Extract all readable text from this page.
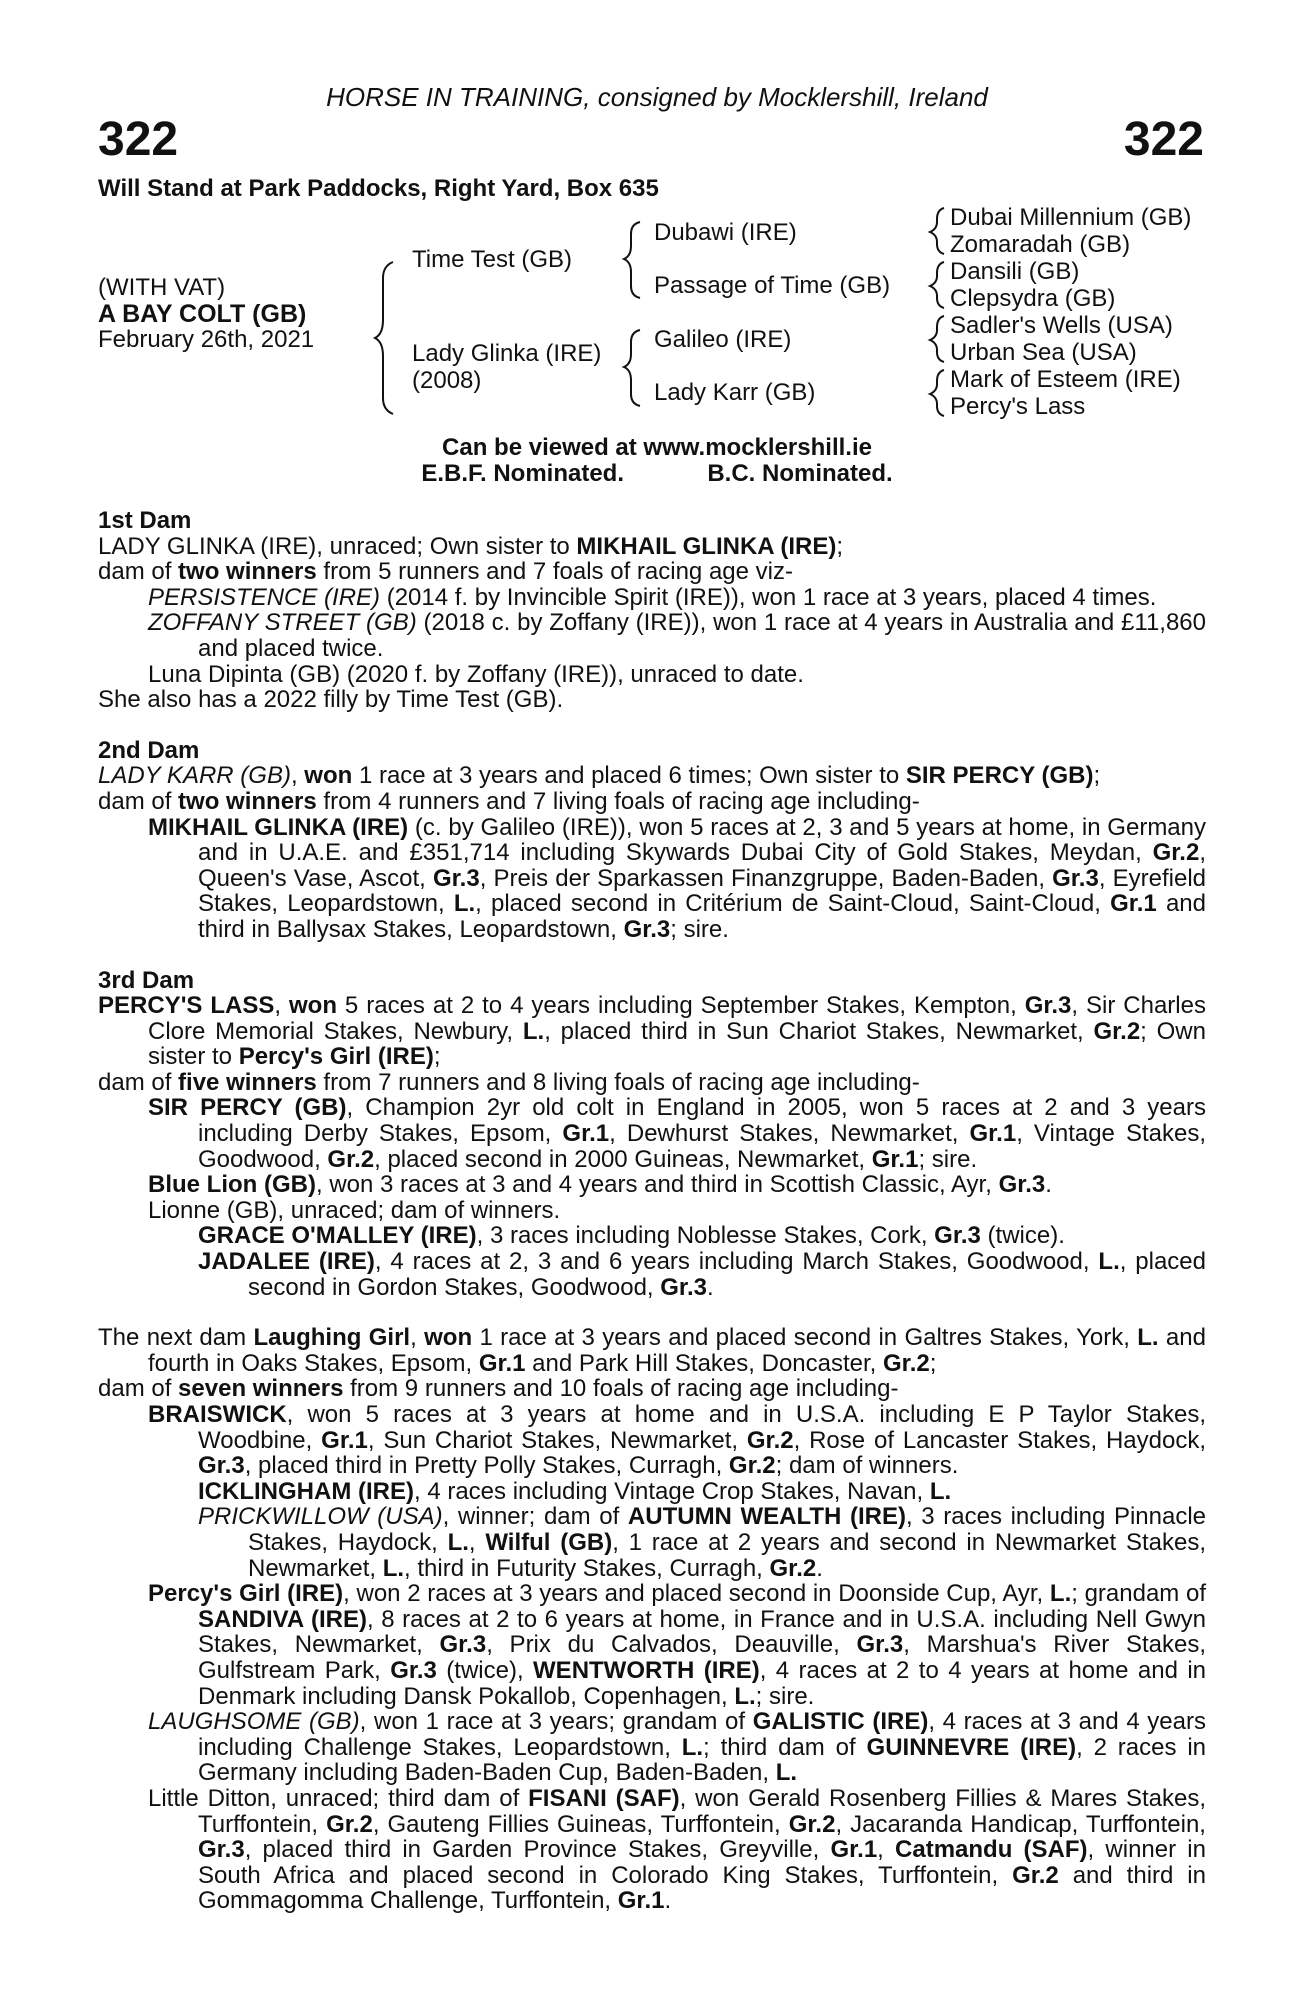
HORSE IN TRAINING, consigned by Mocklershill, Ireland
322	322
Will Stand at Park Paddocks, Right Yard, Box 635
(WITH VAT)
A BAY COLT (GB)
February 26th, 2021
Time Test (GB)
Lady Glinka (IRE)
(2008)
Dubawi (IRE)
Passage of Time (GB)
Galileo (IRE)
Lady Karr (GB)
Dubai Millennium (GB)
Zomaradah (GB)
Dansili (GB)
Clepsydra (GB)
Sadler's Wells (USA)
Urban Sea (USA)
Mark of Esteem (IRE)
Percy's Lass
Can be viewed at www.mocklershill.ie
E.B.F. Nominated.	B.C. Nominated.
1st Dam

LADY GLINKA (IRE), unraced; Own sister to MIKHAIL GLINKA (IRE);

dam of two winners from 5 runners and 7 foals of racing age viz-

PERSISTENCE (IRE) (2014 f. by Invincible Spirit (IRE)), won 1 race at 3 years, placed 4 times.

ZOFFANY STREET (GB) (2018 c. by Zoffany (IRE)), won 1 race at 4 years in Australia and £11,860 and placed twice.

Luna Dipinta (GB) (2020 f. by Zoffany (IRE)), unraced to date.

She also has a 2022 filly by Time Test (GB).

2nd Dam

LADY KARR (GB), won 1 race at 3 years and placed 6 times; Own sister to SIR PERCY (GB);

dam of two winners from 4 runners and 7 living foals of racing age including-

MIKHAIL GLINKA (IRE) (c. by Galileo (IRE)), won 5 races at 2, 3 and 5 years at home, in Germany and in U.A.E. and £351,714 including Skywards Dubai City of Gold Stakes, Meydan, Gr.2, Queen's Vase, Ascot, Gr.3, Preis der Sparkassen Finanzgruppe, Baden-Baden, Gr.3, Eyrefield Stakes, Leopardstown, L., placed second in Critérium de Saint-Cloud, Saint-Cloud, Gr.1 and third in Ballysax Stakes, Leopardstown, Gr.3; sire.

3rd Dam

PERCY'S LASS, won 5 races at 2 to 4 years including September Stakes, Kempton, Gr.3, Sir Charles Clore Memorial Stakes, Newbury, L., placed third in Sun Chariot Stakes, Newmarket, Gr.2; Own sister to Percy's Girl (IRE);

dam of five winners from 7 runners and 8 living foals of racing age including-

SIR PERCY (GB), Champion 2yr old colt in England in 2005, won 5 races at 2 and 3 years including Derby Stakes, Epsom, Gr.1, Dewhurst Stakes, Newmarket, Gr.1, Vintage Stakes, Goodwood, Gr.2, placed second in 2000 Guineas, Newmarket, Gr.1; sire.

Blue Lion (GB), won 3 races at 3 and 4 years and third in Scottish Classic, Ayr, Gr.3.

Lionne (GB), unraced; dam of winners.

GRACE O'MALLEY (IRE), 3 races including Noblesse Stakes, Cork, Gr.3 (twice).

JADALEE (IRE), 4 races at 2, 3 and 6 years including March Stakes, Goodwood, L., placed second in Gordon Stakes, Goodwood, Gr.3.

The next dam Laughing Girl, won 1 race at 3 years and placed second in Galtres Stakes, York, L. and fourth in Oaks Stakes, Epsom, Gr.1 and Park Hill Stakes, Doncaster, Gr.2;

dam of seven winners from 9 runners and 10 foals of racing age including-

BRAISWICK, won 5 races at 3 years at home and in U.S.A. including E P Taylor Stakes, Woodbine, Gr.1, Sun Chariot Stakes, Newmarket, Gr.2, Rose of Lancaster Stakes, Haydock, Gr.3, placed third in Pretty Polly Stakes, Curragh, Gr.2; dam of winners.

ICKLINGHAM (IRE), 4 races including Vintage Crop Stakes, Navan, L.

PRICKWILLOW (USA), winner; dam of AUTUMN WEALTH (IRE), 3 races including Pinnacle Stakes, Haydock, L., Wilful (GB), 1 race at 2 years and second in Newmarket Stakes, Newmarket, L., third in Futurity Stakes, Curragh, Gr.2.

Percy's Girl (IRE), won 2 races at 3 years and placed second in Doonside Cup, Ayr, L.; grandam of SANDIVA (IRE), 8 races at 2 to 6 years at home, in France and in U.S.A. including Nell Gwyn Stakes, Newmarket, Gr.3, Prix du Calvados, Deauville, Gr.3, Marshua's River Stakes, Gulfstream Park, Gr.3 (twice), WENTWORTH (IRE), 4 races at 2 to 4 years at home and in Denmark including Dansk Pokallob, Copenhagen, L.; sire.

LAUGHSOME (GB), won 1 race at 3 years; grandam of GALISTIC (IRE), 4 races at 3 and 4 years including Challenge Stakes, Leopardstown, L.; third dam of GUINNEVRE (IRE), 2 races in Germany including Baden-Baden Cup, Baden-Baden, L.

Little Ditton, unraced; third dam of FISANI (SAF), won Gerald Rosenberg Fillies & Mares Stakes, Turffontein, Gr.2, Gauteng Fillies Guineas, Turffontein, Gr.2, Jacaranda Handicap, Turffontein, Gr.3, placed third in Garden Province Stakes, Greyville, Gr.1, Catmandu (SAF), winner in South Africa and placed second in Colorado King Stakes, Turffontein, Gr.2 and third in Gommagomma Challenge, Turffontein, Gr.1.
